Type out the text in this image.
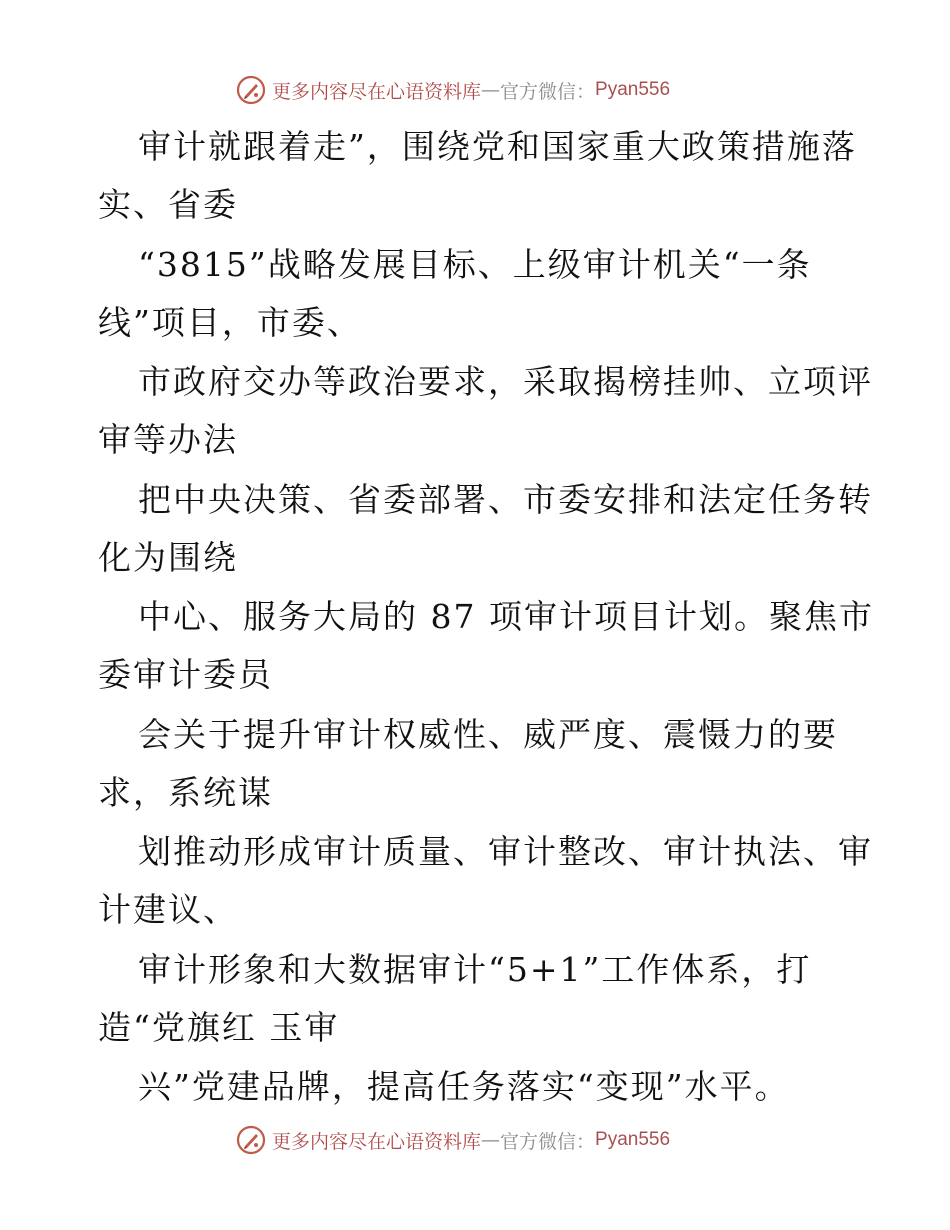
更多内容尽在心语资料库 — 官方微信： Pyan556
审计就跟着走”，围绕党和国家重大政策措施落
实、省委
“3815”战略发展目标、上级审计机关“一条
线”项目，市委、
市政府交办等政治要求，采取揭榜挂帅、立项评
审等办法
把中央决策、省委部署、市委安排和法定任务转
化为围绕
中心、服务大局的 87 项审计项目计划。聚焦市
委审计委员
会关于提升审计权威性、威严度、震慑力的要
求，系统谋
划推动形成审计质量、审计整改、审计执法、审
计建议、
审计形象和大数据审计“5+1”工作体系，打
造“党旗红 玉审
兴”党建品牌，提高任务落实“变现”水平。
更多内容尽在心语资料库 — 官方微信： Pyan556
